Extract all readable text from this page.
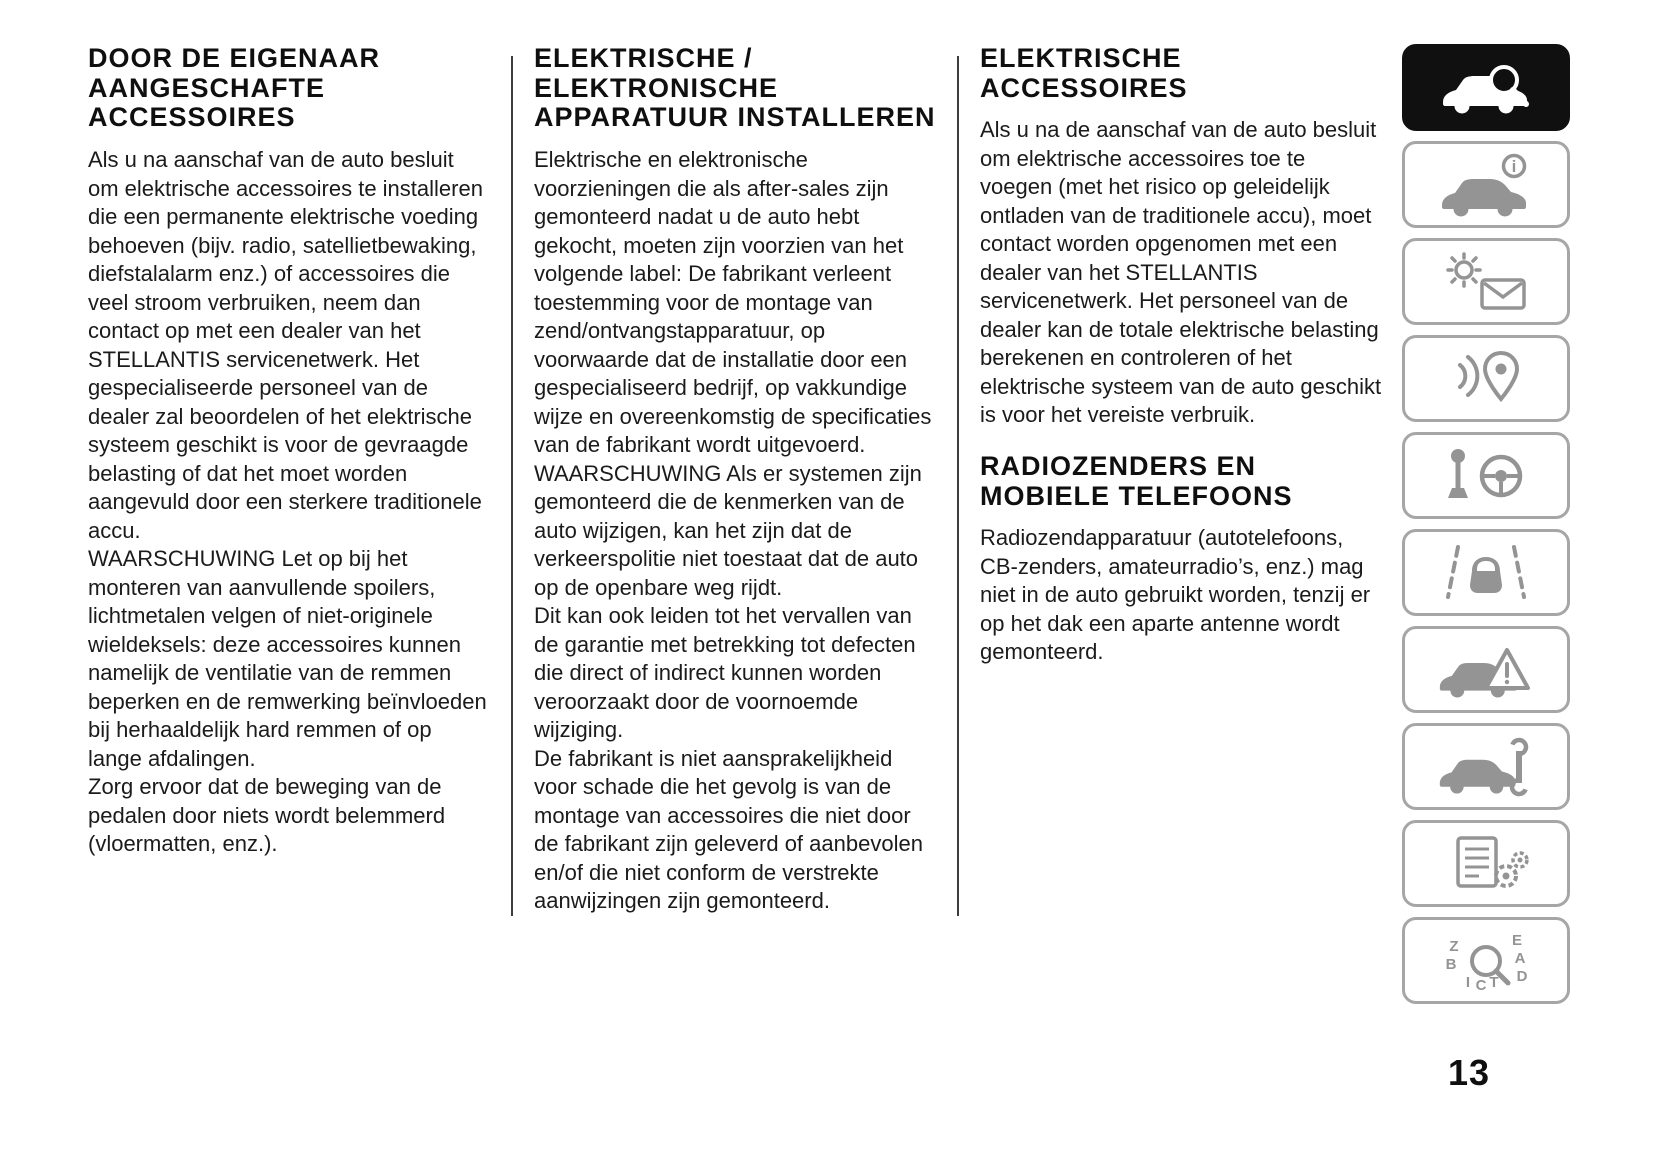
DOOR DE EIGENAAR AANGESCHAFTE ACCESSOIRES

Als u na aanschaf van de auto besluit om elektrische accessoires te installeren die een permanente elektrische voeding behoeven (bijv. radio, satellietbewaking, diefstalalarm enz.) of accessoires die veel stroom verbruiken, neem dan contact op met een dealer van het STELLANTIS servicenetwerk. Het gespecialiseerde personeel van de dealer zal beoordelen of het elektrische systeem geschikt is voor de gevraagde belasting of dat het moet worden aangevuld door een sterkere traditionele accu.

WAARSCHUWING Let op bij het monteren van aanvullende spoilers, lichtmetalen velgen of niet-originele wieldeksels: deze accessoires kunnen namelijk de ventilatie van de remmen beperken en de remwerking beïnvloeden bij herhaaldelijk hard remmen of op lange afdalingen.

Zorg ervoor dat de beweging van de pedalen door niets wordt belemmerd (vloermatten, enz.).

ELEKTRISCHE / ELEKTRONISCHE APPARATUUR INSTALLEREN

Elektrische en elektronische voorzieningen die als after-sales zijn gemonteerd nadat u de auto hebt gekocht, moeten zijn voorzien van het volgende label: De fabrikant verleent toestemming voor de montage van zend/ontvangstapparatuur, op voorwaarde dat de installatie door een gespecialiseerd bedrijf, op vakkundige wijze en overeenkomstig de specificaties van de fabrikant wordt uitgevoerd.

WAARSCHUWING Als er systemen zijn gemonteerd die de kenmerken van de auto wijzigen, kan het zijn dat de verkeerspolitie niet toestaat dat de auto op de openbare weg rijdt.

Dit kan ook leiden tot het vervallen van de garantie met betrekking tot defecten die direct of indirect kunnen worden veroorzaakt door de voornoemde wijziging.

De fabrikant is niet aansprakelijkheid voor schade die het gevolg is van de montage van accessoires die niet door de fabrikant zijn geleverd of aanbevolen en/of die niet conform de verstrekte aanwijzingen zijn gemonteerd.

ELEKTRISCHE ACCESSOIRES

Als u na de aanschaf van de auto besluit om elektrische accessoires toe te voegen (met het risico op geleidelijk ontladen van de traditionele accu), moet contact worden opgenomen met een dealer van het STELLANTIS servicenetwerk. Het personeel van de dealer kan de totale elektrische belasting berekenen en controleren of het elektrische systeem van de auto geschikt is voor het vereiste verbruik.

RADIOZENDERS EN MOBIELE TELEFOONS

Radiozendapparatuur (autotelefoons, CB-zenders, amateurradio’s, enz.) mag niet in de auto gebruikt worden, tenzij er op het dak een aparte antenne wordt gemonteerd.

i
Z	E
B	A
D
I C T
13
